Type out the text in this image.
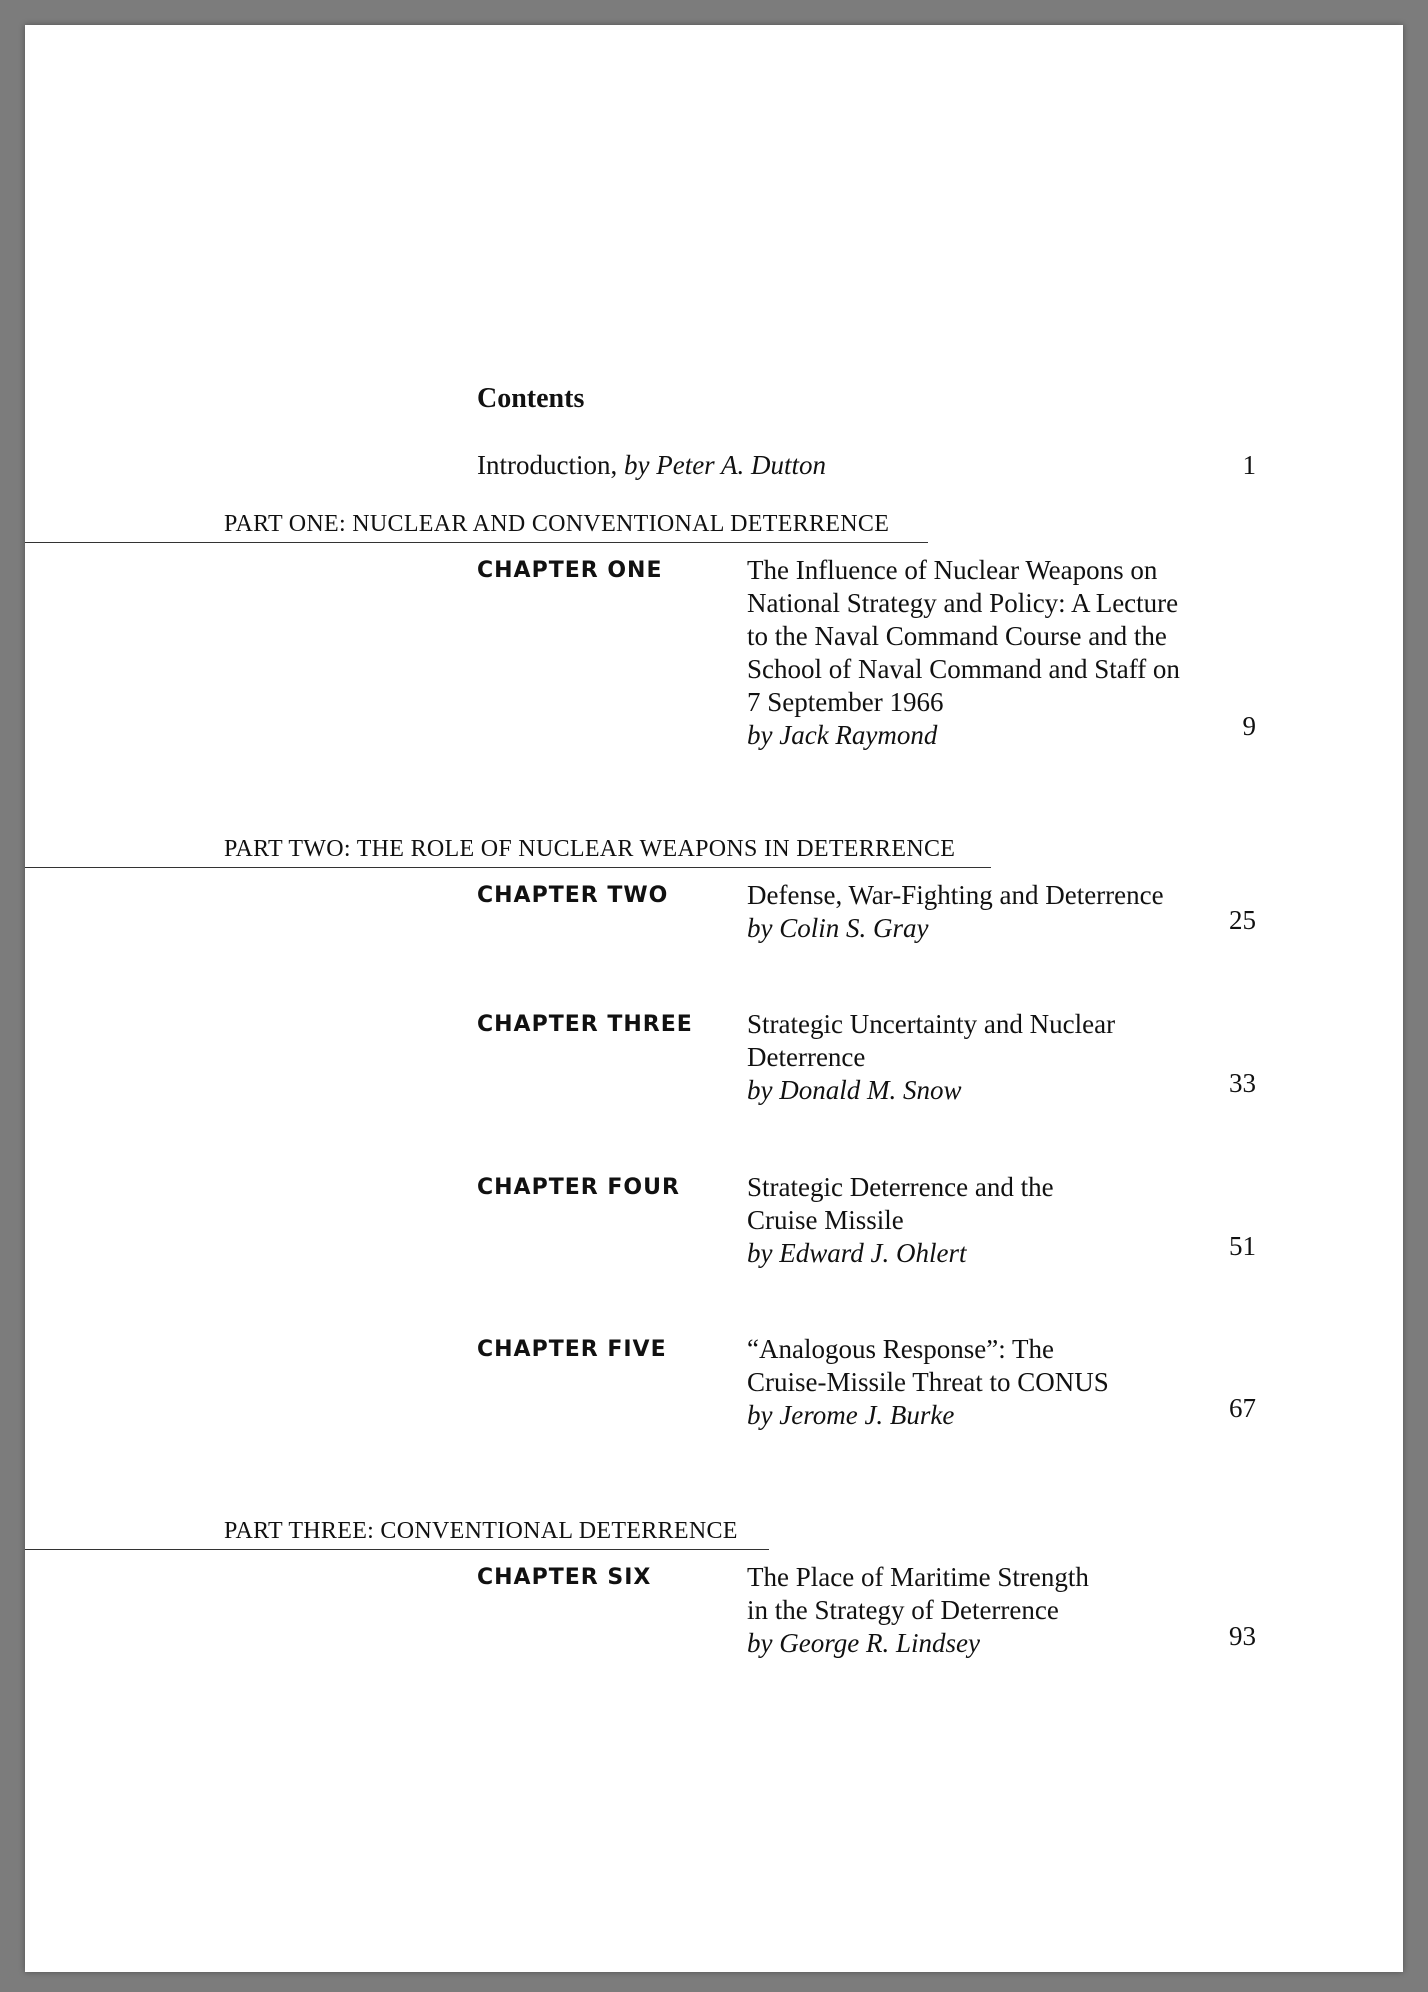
Contents
Introduction, by Peter A. Dutton	1
PART ONE: NUCLEAR AND CONVENTIONAL DETERRENCE
CHAPTER ONE	The Influence of Nuclear Weapons on
National Strategy and Policy: A Lecture
to the Naval Command Course and the
School of Naval Command and Staff on
7 September 1966
by Jack Raymond	9
PART TWO: THE ROLE OF NUCLEAR WEAPONS IN DETERRENCE
CHAPTER TWO	Defense, War-Fighting and Deterrence
by Colin S. Gray	25
CHAPTER THREE Strategic Uncertainty and Nuclear
Deterrence
by Donald M. Snow	33
CHAPTER FOUR Strategic Deterrence and the
Cruise Missile
by Edward J. Ohlert	51
CHAPTER FIVE	“Analogous Response”: The
Cruise-Missile Threat to CONUS
by Jerome J. Burke	67
PART THREE: CONVENTIONAL DETERRENCE
CHAPTER SIX	The Place of Maritime Strength
in the Strategy of Deterrence
by George R. Lindsey	93
